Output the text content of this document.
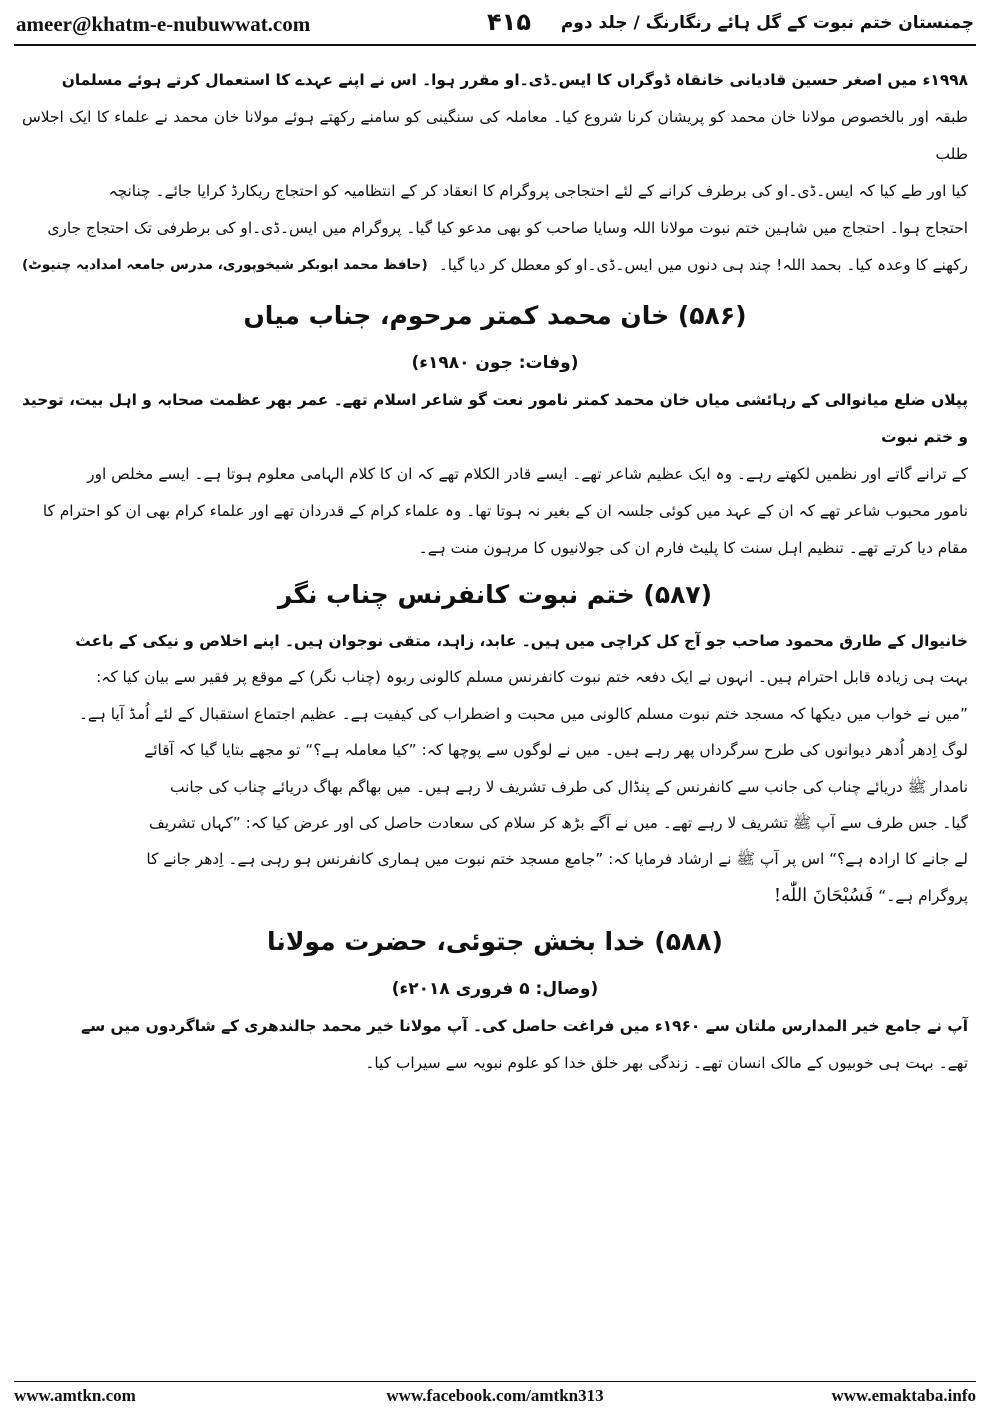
ameer@khatm-e-nubuwwat.com	۴۱۵	چمنستان ختم نبوت کے گل ہائے رنگارنگ / جلد دوم

۱۹۹۸ء میں اصغر حسین قادیانی خانقاہ ڈوگراں کا ایس۔ڈی۔او مقرر ہوا۔ اس نے اپنے عہدے کا استعمال کرتے ہوئے مسلمان

طبقہ اور بالخصوص مولانا خان محمد کو پریشان کرنا شروع کیا۔ معاملہ کی سنگینی کو سامنے رکھتے ہوئے مولانا خان محمد نے علماء کا ایک اجلاس طلب

کیا اور طے کیا کہ ایس۔ڈی۔او کی برطرف کرانے کے لئے احتجاجی پروگرام کا انعقاد کر کے انتظامیہ کو احتجاج ریکارڈ کرایا جائے۔ چنانچہ

احتجاج ہوا۔ احتجاج میں شاہین ختم نبوت مولانا اللہ وسایا صاحب کو بھی مدعو کیا گیا۔ پروگرام میں ایس۔ڈی۔او کی برطرفی تک احتجاج جاری

رکھنے کا وعدہ کیا۔ بحمد اللہ! چند ہی دنوں میں ایس۔ڈی۔او کو معطل کر دیا گیا۔
(حافظ محمد ابوبکر شیخوپوری، مدرس جامعہ امدادیہ چنیوٹ)

(۵۸۶) خان محمد کمتر مرحوم، جناب میاں

(وفات: جون ۱۹۸۰ء)

پپلاں ضلع میانوالی کے رہائشی میاں خان محمد کمتر نامور نعت گو شاعر اسلام تھے۔ عمر بھر عظمت صحابہ و اہل بیت، توحید و ختم نبوت

کے ترانے گاتے اور نظمیں لکھتے رہے۔ وہ ایک عظیم شاعر تھے۔ ایسے قادر الکلام تھے کہ ان کا کلام الہامی معلوم ہوتا ہے۔ ایسے مخلص اور

نامور محبوب شاعر تھے کہ ان کے عہد میں کوئی جلسہ ان کے بغیر نہ ہوتا تھا۔ وہ علماء کرام کے قدردان تھے اور علماء کرام بھی ان کو احترام کا

مقام دیا کرتے تھے۔ تنظیم اہل سنت کا پلیٹ فارم ان کی جولانیوں کا مرہون منت ہے۔

(۵۸۷) ختم نبوت کانفرنس چناب نگر

خانیوال کے طارق محمود صاحب جو آج کل کراچی میں ہیں۔ عابد، زاہد، متقی نوجوان ہیں۔ اپنے اخلاص و نیکی کے باعث

بہت ہی زیادہ قابل احترام ہیں۔ انہوں نے ایک دفعہ ختم نبوت کانفرنس مسلم کالونی ربوہ (چناب نگر) کے موقع پر فقیر سے بیان کیا کہ:

”میں نے خواب میں دیکھا کہ مسجد ختم نبوت مسلم کالونی میں محبت و اضطراب کی کیفیت ہے۔ عظیم اجتماع استقبال کے لئے اُمڈ آیا ہے۔

لوگ اِدھر اُدھر دیوانوں کی طرح سرگرداں پھر رہے ہیں۔ میں نے لوگوں سے پوچھا کہ: ”کیا معاملہ ہے؟“ تو مجھے بتایا گیا کہ آقائے

نامدار ﷺ دریائے چناب کی جانب سے کانفرنس کے پنڈال کی طرف تشریف لا رہے ہیں۔ میں بھاگم بھاگ دریائے چناب کی جانب

گیا۔ جس طرف سے آپ ﷺ تشریف لا رہے تھے۔ میں نے آگے بڑھ کر سلام کی سعادت حاصل کی اور عرض کیا کہ: ”کہاں تشریف

لے جانے کا ارادہ ہے؟“ اس پر آپ ﷺ نے ارشاد فرمایا کہ: ”جامع مسجد ختم نبوت میں ہماری کانفرنس ہو رہی ہے۔ اِدھر جانے کا

پروگرام ہے۔“ فَسُبْحَانَ اللّٰه!

(۵۸۸) خدا بخش جتوئی، حضرت مولانا

(وصال: ۵ فروری ۲۰۱۸ء)

آپ نے جامع خیر المدارس ملتان سے ۱۹۶۰ء میں فراغت حاصل کی۔ آپ مولانا خیر محمد جالندھری کے شاگردوں میں سے

تھے۔ بہت ہی خوبیوں کے مالک انسان تھے۔ زندگی بھر خلق خدا کو علوم نبویہ سے سیراب کیا۔

www.amtkn.com	www.facebook.com/amtkn313	www.emaktaba.info
